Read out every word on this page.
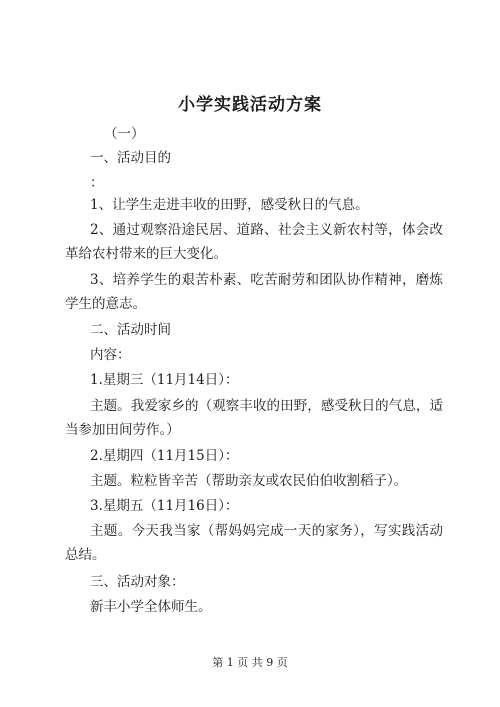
小学实践活动方案

（一）

一、活动目的

：

1、让学生走进丰收的田野，感受秋日的气息。

2、通过观察沿途民居、道路、社会主义新农村等，体会改革给农村带来的巨大变化。

3、培养学生的艰苦朴素、吃苦耐劳和团队协作精神，磨炼学生的意志。

二、活动时间

内容：

1.星期三（11月14日）：

主题。我爱家乡的（观察丰收的田野，感受秋日的气息，适当参加田间劳作。）

2.星期四（11月15日）：

主题。粒粒皆辛苦（帮助亲友或农民伯伯收割稻子）。

3.星期五（11月16日）：

主题。今天我当家（帮妈妈完成一天的家务），写实践活动总结。

三、活动对象：

新丰小学全体师生。

第 1 页 共 9 页
